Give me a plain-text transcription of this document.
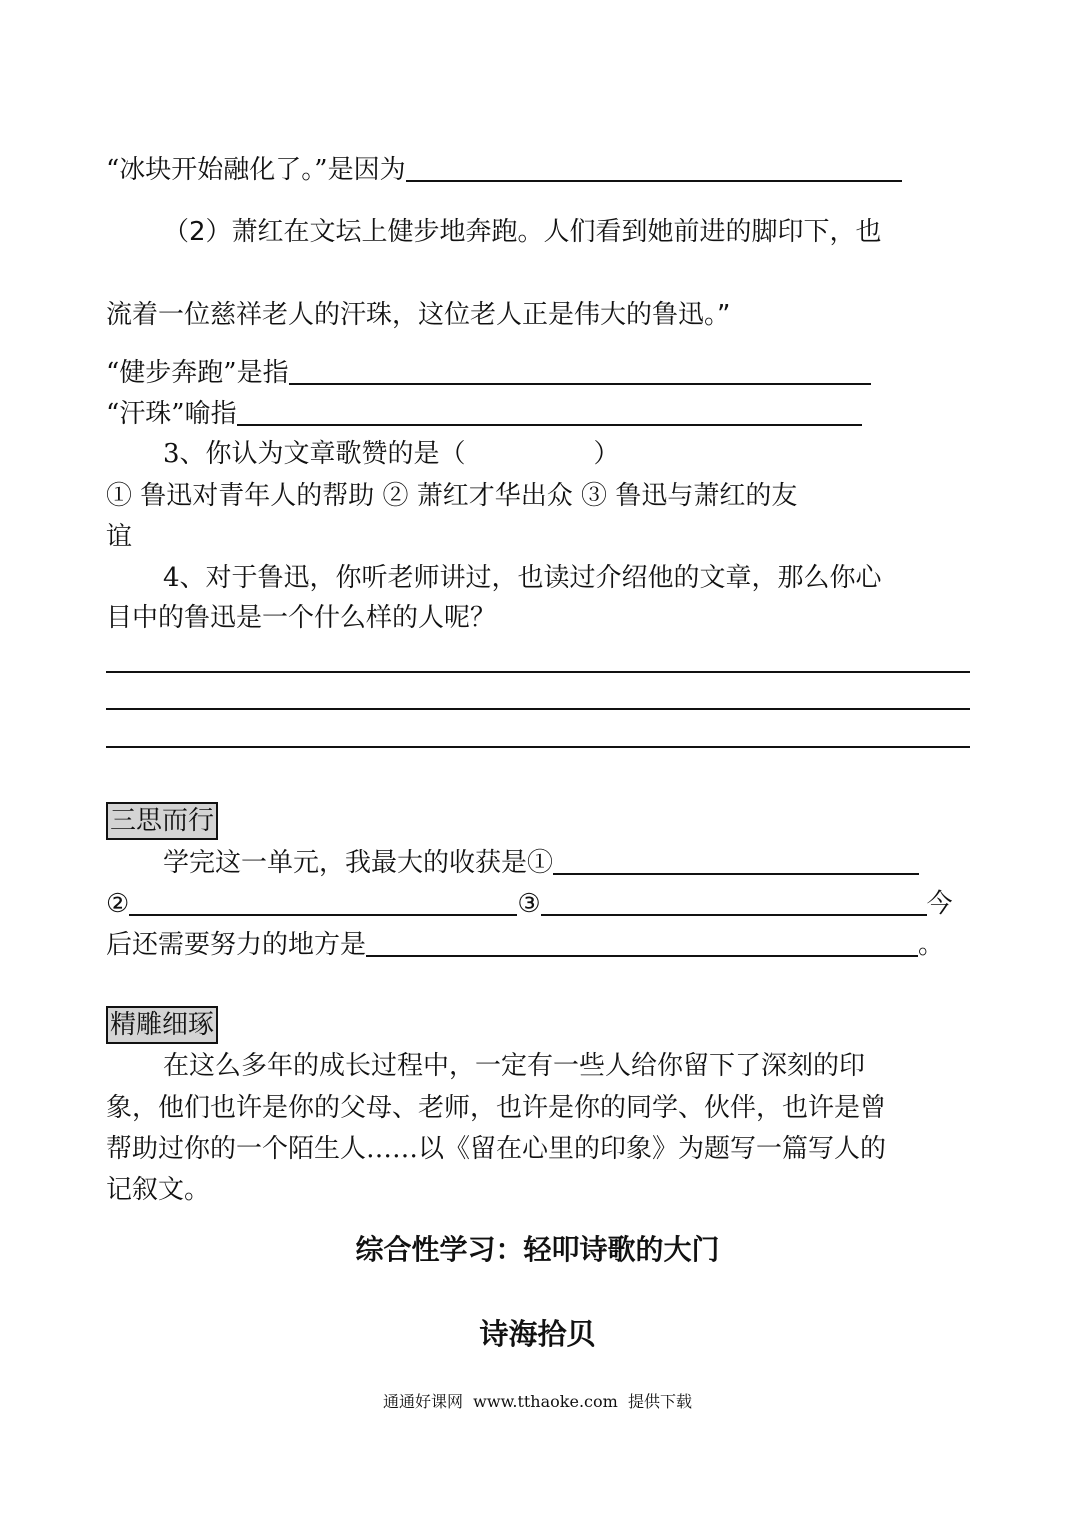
“冰块开始融化了。”是因为
（2）萧红在文坛上健步地奔跑。人们看到她前进的脚印下，也
流着一位慈祥老人的汗珠，这位老人正是伟大的鲁迅。”
“健步奔跑”是指
“汗珠”喻指
3、你认为文章歌赞的是（	）
① 鲁迅对青年人的帮助 ② 萧红才华出众 ③ 鲁迅与萧红的友
谊
4、对于鲁迅，你听老师讲过，也读过介绍他的文章，那么你心
目中的鲁迅是一个什么样的人呢？
三思而行
学完这一单元，我最大的收获是①
②	③	今
后还需要努力的地方是	。
精雕细琢
在这么多年的成长过程中，一定有一些人给你留下了深刻的印
象，他们也许是你的父母、老师，也许是你的同学、伙伴，也许是曾
帮助过你的一个陌生人……以《留在心里的印象》为题写一篇写人的
记叙文。
综合性学习：轻叩诗歌的大门
诗海拾贝
通通好课网  www.tthaoke.com  提供下载
